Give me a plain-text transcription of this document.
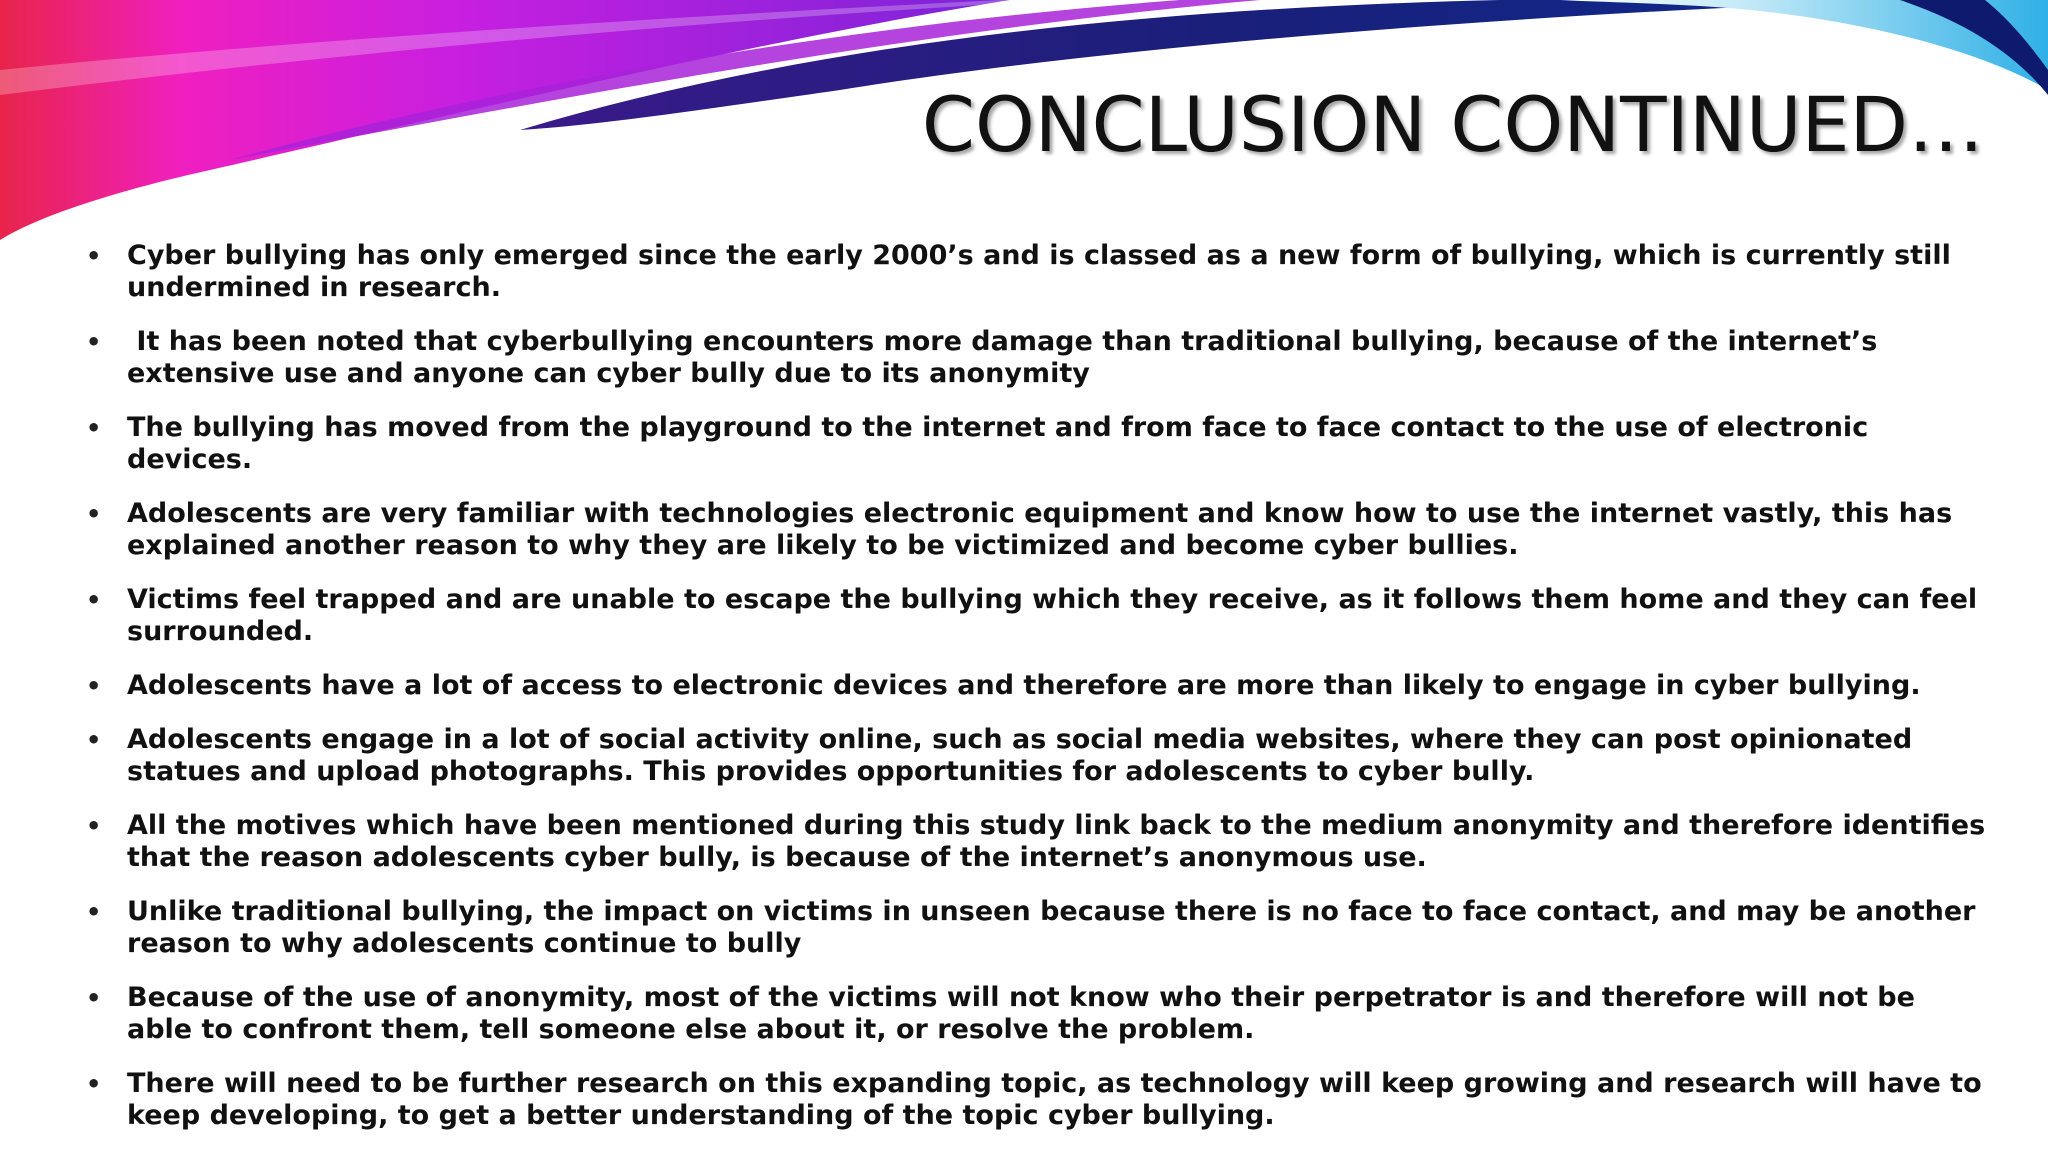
CONCLUSION CONTINUED…
• Cyber bullying has only emerged since the early 2000’s and is classed as a new form of bullying, which is currently still undermined in research.
• It has been noted that cyberbullying encounters more damage than traditional bullying, because of the internet’s extensive use and anyone can cyber bully due to its anonymity
• The bullying has moved from the playground to the internet and from face to face contact to the use of electronic devices.
• Adolescents are very familiar with technologies electronic equipment and know how to use the internet vastly, this has explained another reason to why they are likely to be victimized and become cyber bullies.
• Victims feel trapped and are unable to escape the bullying which they receive, as it follows them home and they can feel surrounded.
• Adolescents have a lot of access to electronic devices and therefore are more than likely to engage in cyber bullying.
• Adolescents engage in a lot of social activity online, such as social media websites, where they can post opinionated statues and upload photographs. This provides opportunities for adolescents to cyber bully.
• All the motives which have been mentioned during this study link back to the medium anonymity and therefore identifies that the reason adolescents cyber bully, is because of the internet’s anonymous use.
• Unlike traditional bullying, the impact on victims in unseen because there is no face to face contact, and may be another reason to why adolescents continue to bully
• Because of the use of anonymity, most of the victims will not know who their perpetrator is and therefore will not be able to confront them, tell someone else about it, or resolve the problem.
• There will need to be further research on this expanding topic, as technology will keep growing and research will have to keep developing, to get a better understanding of the topic cyber bullying.
